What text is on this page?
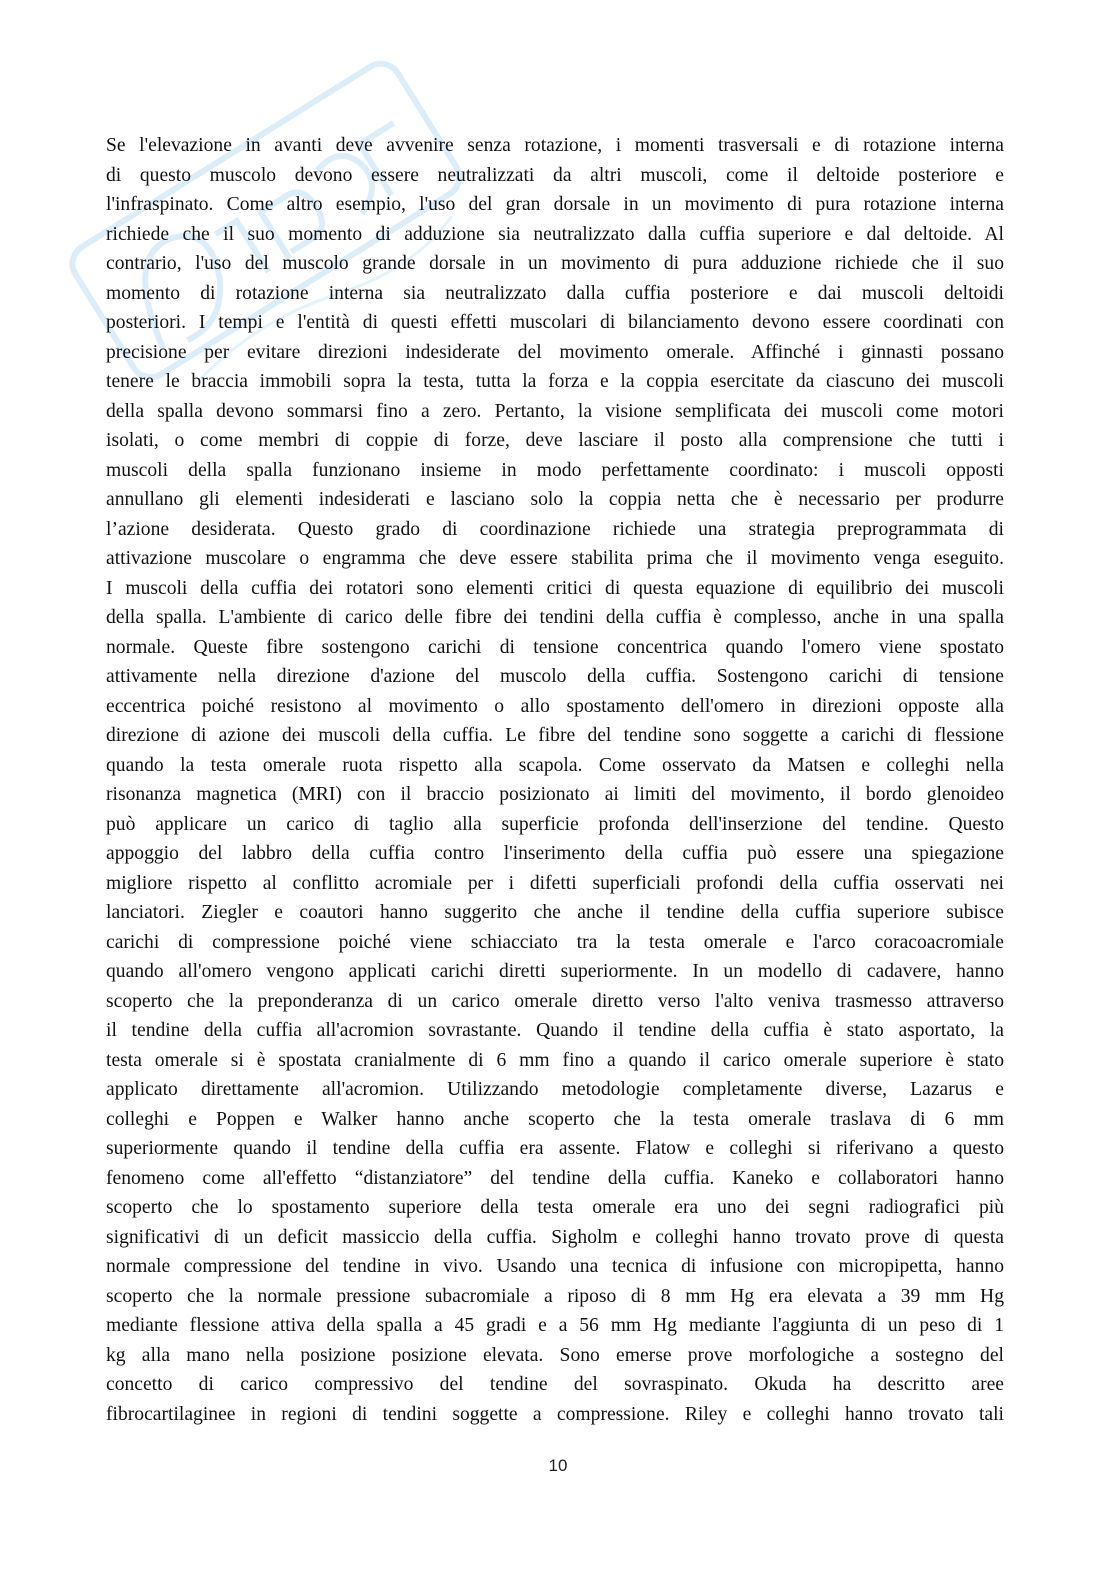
Se l'elevazione in avanti deve avvenire senza rotazione, i momenti trasversali e di rotazione interna
di questo muscolo devono essere neutralizzati da altri muscoli, come il deltoide posteriore e
l'infraspinato. Come altro esempio, l'uso del gran dorsale in un movimento di pura rotazione interna
richiede che il suo momento di adduzione sia neutralizzato dalla cuffia superiore e dal deltoide. Al
contrario, l'uso del muscolo grande dorsale in un movimento di pura adduzione richiede che il suo
momento di rotazione interna sia neutralizzato dalla cuffia posteriore e dai muscoli deltoidi
posteriori. I tempi e l'entità di questi effetti muscolari di bilanciamento devono essere coordinati con
precisione per evitare direzioni indesiderate del movimento omerale. Affinché i ginnasti possano
tenere le braccia immobili sopra la testa, tutta la forza e la coppia esercitate da ciascuno dei muscoli
della spalla devono sommarsi fino a zero. Pertanto, la visione semplificata dei muscoli come motori
isolati, o come membri di coppie di forze, deve lasciare il posto alla comprensione che tutti i
muscoli della spalla funzionano insieme in modo perfettamente coordinato: i muscoli opposti
annullano gli elementi indesiderati e lasciano solo la coppia netta che è necessario per produrre
l’azione desiderata. Questo grado di coordinazione richiede una strategia preprogrammata di
attivazione muscolare o engramma che deve essere stabilita prima che il movimento venga eseguito.
I muscoli della cuffia dei rotatori sono elementi critici di questa equazione di equilibrio dei muscoli
della spalla. L'ambiente di carico delle fibre dei tendini della cuffia è complesso, anche in una spalla
normale. Queste fibre sostengono carichi di tensione concentrica quando l'omero viene spostato
attivamente nella direzione d'azione del muscolo della cuffia. Sostengono carichi di tensione
eccentrica poiché resistono al movimento o allo spostamento dell'omero in direzioni opposte alla
direzione di azione dei muscoli della cuffia. Le fibre del tendine sono soggette a carichi di flessione
quando la testa omerale ruota rispetto alla scapola. Come osservato da Matsen e colleghi nella
risonanza magnetica (MRI) con il braccio posizionato ai limiti del movimento, il bordo glenoideo
può applicare un carico di taglio alla superficie profonda dell'inserzione del tendine. Questo
appoggio del labbro della cuffia contro l'inserimento della cuffia può essere una spiegazione
migliore rispetto al conflitto acromiale per i difetti superficiali profondi della cuffia osservati nei
lanciatori. Ziegler e coautori hanno suggerito che anche il tendine della cuffia superiore subisce
carichi di compressione poiché viene schiacciato tra la testa omerale e l'arco coracoacromiale
quando all'omero vengono applicati carichi diretti superiormente. In un modello di cadavere, hanno
scoperto che la preponderanza di un carico omerale diretto verso l'alto veniva trasmesso attraverso
il tendine della cuffia all'acromion sovrastante. Quando il tendine della cuffia è stato asportato, la
testa omerale si è spostata cranialmente di 6 mm fino a quando il carico omerale superiore è stato
applicato direttamente all'acromion. Utilizzando metodologie completamente diverse, Lazarus e
colleghi e Poppen e Walker hanno anche scoperto che la testa omerale traslava di 6 mm
superiormente quando il tendine della cuffia era assente. Flatow e colleghi si riferivano a questo
fenomeno come all'effetto “distanziatore” del tendine della cuffia. Kaneko e collaboratori hanno
scoperto che lo spostamento superiore della testa omerale era uno dei segni radiografici più
significativi di un deficit massiccio della cuffia. Sigholm e colleghi hanno trovato prove di questa
normale compressione del tendine in vivo. Usando una tecnica di infusione con micropipetta, hanno
scoperto che la normale pressione subacromiale a riposo di 8 mm Hg era elevata a 39 mm Hg
mediante flessione attiva della spalla a 45 gradi e a 56 mm Hg mediante l'aggiunta di un peso di 1
kg alla mano nella posizione posizione elevata. Sono emerse prove morfologiche a sostegno del
concetto di carico compressivo del tendine del sovraspinato. Okuda ha descritto aree
fibrocartilaginee in regioni di tendini soggette a compressione. Riley e colleghi hanno trovato tali
10
